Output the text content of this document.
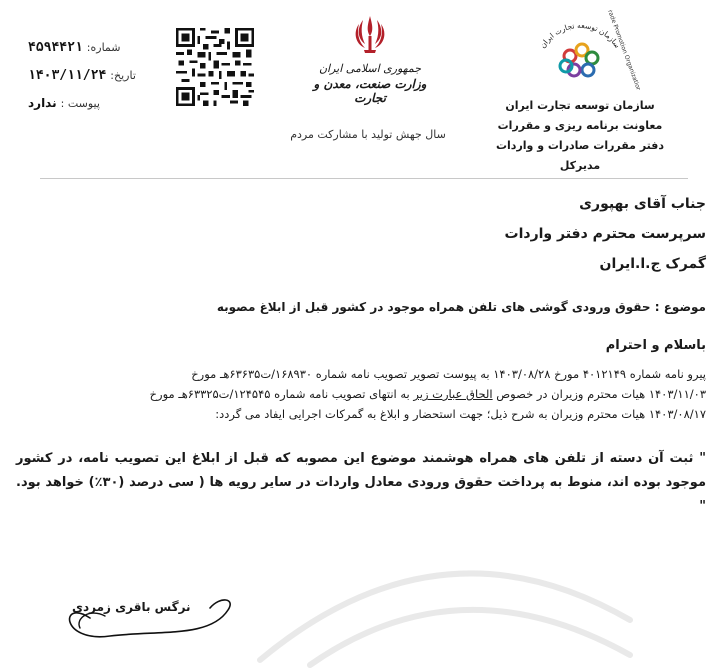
شماره:
۴۵۹۴۴۲۱
تاریخ:
۱۴۰۳/۱۱/۲۴
پیوست :
ندارد
جمهوری اسلامی ایران
وزارت صنعت، معدن و تجارت
سال جهش تولید با مشارکت مردم
سازمان توسعه تجارت ایران
Trade Promotion Organization
سازمان توسعه تجارت ایران
معاونت برنامه ریزی و مقررات
دفتر مقررات صادرات و واردات
مدیرکل
جناب آقای بهپوری
سرپرست محترم دفتر واردات
گمرک ج.ا.ایران
موضوع : حقوق ورودی گوشی های تلفن همراه موجود در کشور قبل از ابلاغ مصوبه
باسلام و احترام
پیرو نامه شماره ۴۰۱۲۱۴۹ مورخ ۱۴۰۳/۰۸/۲۸ به پیوست تصویر تصویب نامه شماره ۱۶۸۹۳۰/ت۶۳۶۳۵هـ مورخ
۱۴۰۳/۱۱/۰۳ هیات محترم وزیران در خصوص الحاق عبارت زیر به انتهای تصویب نامه شماره ۱۲۴۵۴۵/ت۶۳۳۲۵هـ مورخ
۱۴۰۳/۰۸/۱۷ هیات محترم وزیران به شرح ذیل؛ جهت استحضار و ابلاغ به گمرکات اجرایی ایفاد می گردد:
" ثبت آن دسته از تلفن های همراه هوشمند موضوع این مصوبه که قبل از ابلاغ این تصویب نامه، در کشور موجود بوده اند، منوط به پرداخت حقوق ورودی معادل واردات در سایر رویه ها ( سی درصد (۳۰٪) خواهد بود. "
نرگس باقری زمردی
